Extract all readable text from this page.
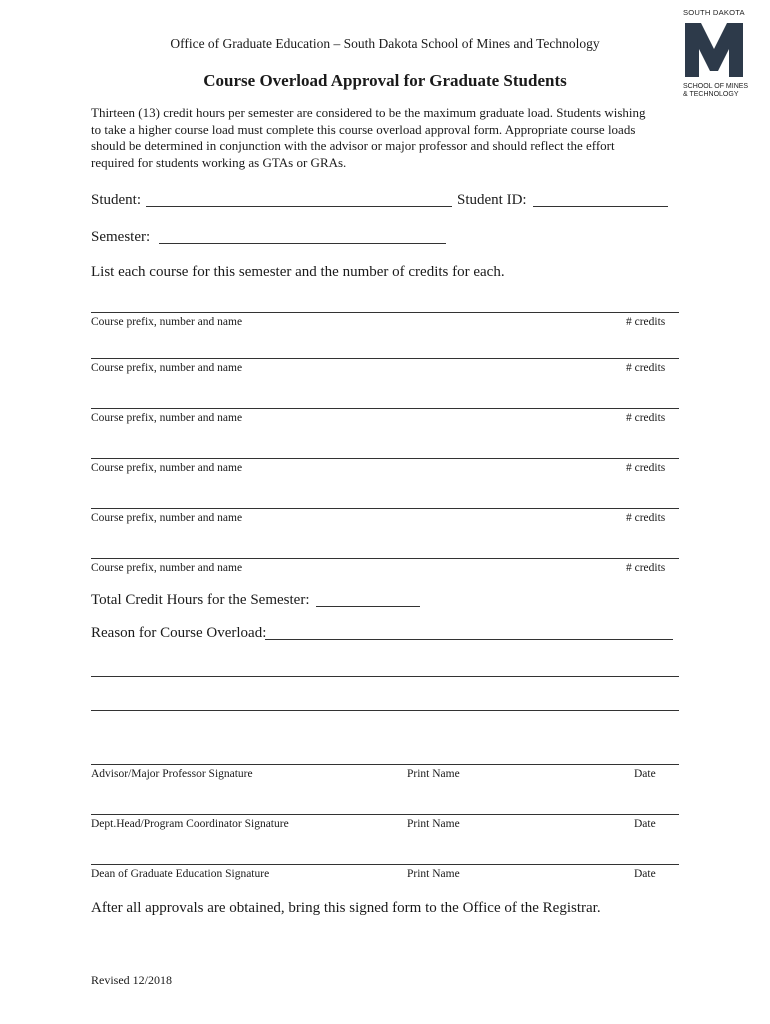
SOUTH DAKOTA
SCHOOL OF MINES
& TECHNOLOGY
Office of Graduate Education – South Dakota School of Mines and Technology
Course Overload Approval for Graduate Students
Thirteen (13) credit hours per semester are considered to be the maximum graduate load. Students wishing
to take a higher course load must complete this course overload approval form. Appropriate course loads
should be determined in conjunction with the advisor or major professor and should reflect the effort
required for students working as GTAs or GRAs.
Student:	Student ID:
Semester:
List each course for this semester and the number of credits for each.
Course prefix, number and name	# credits
Course prefix, number and name	# credits
Course prefix, number and name	# credits
Course prefix, number and name	# credits
Course prefix, number and name	# credits
Course prefix, number and name	# credits
Total Credit Hours for the Semester:
Reason for Course Overload:
Advisor/Major Professor Signature	Print Name	Date
Dept.Head/Program Coordinator Signature	Print Name	Date
Dean of Graduate Education Signature	Print Name	Date
After all approvals are obtained, bring this signed form to the Office of the Registrar.
Revised 12/2018
